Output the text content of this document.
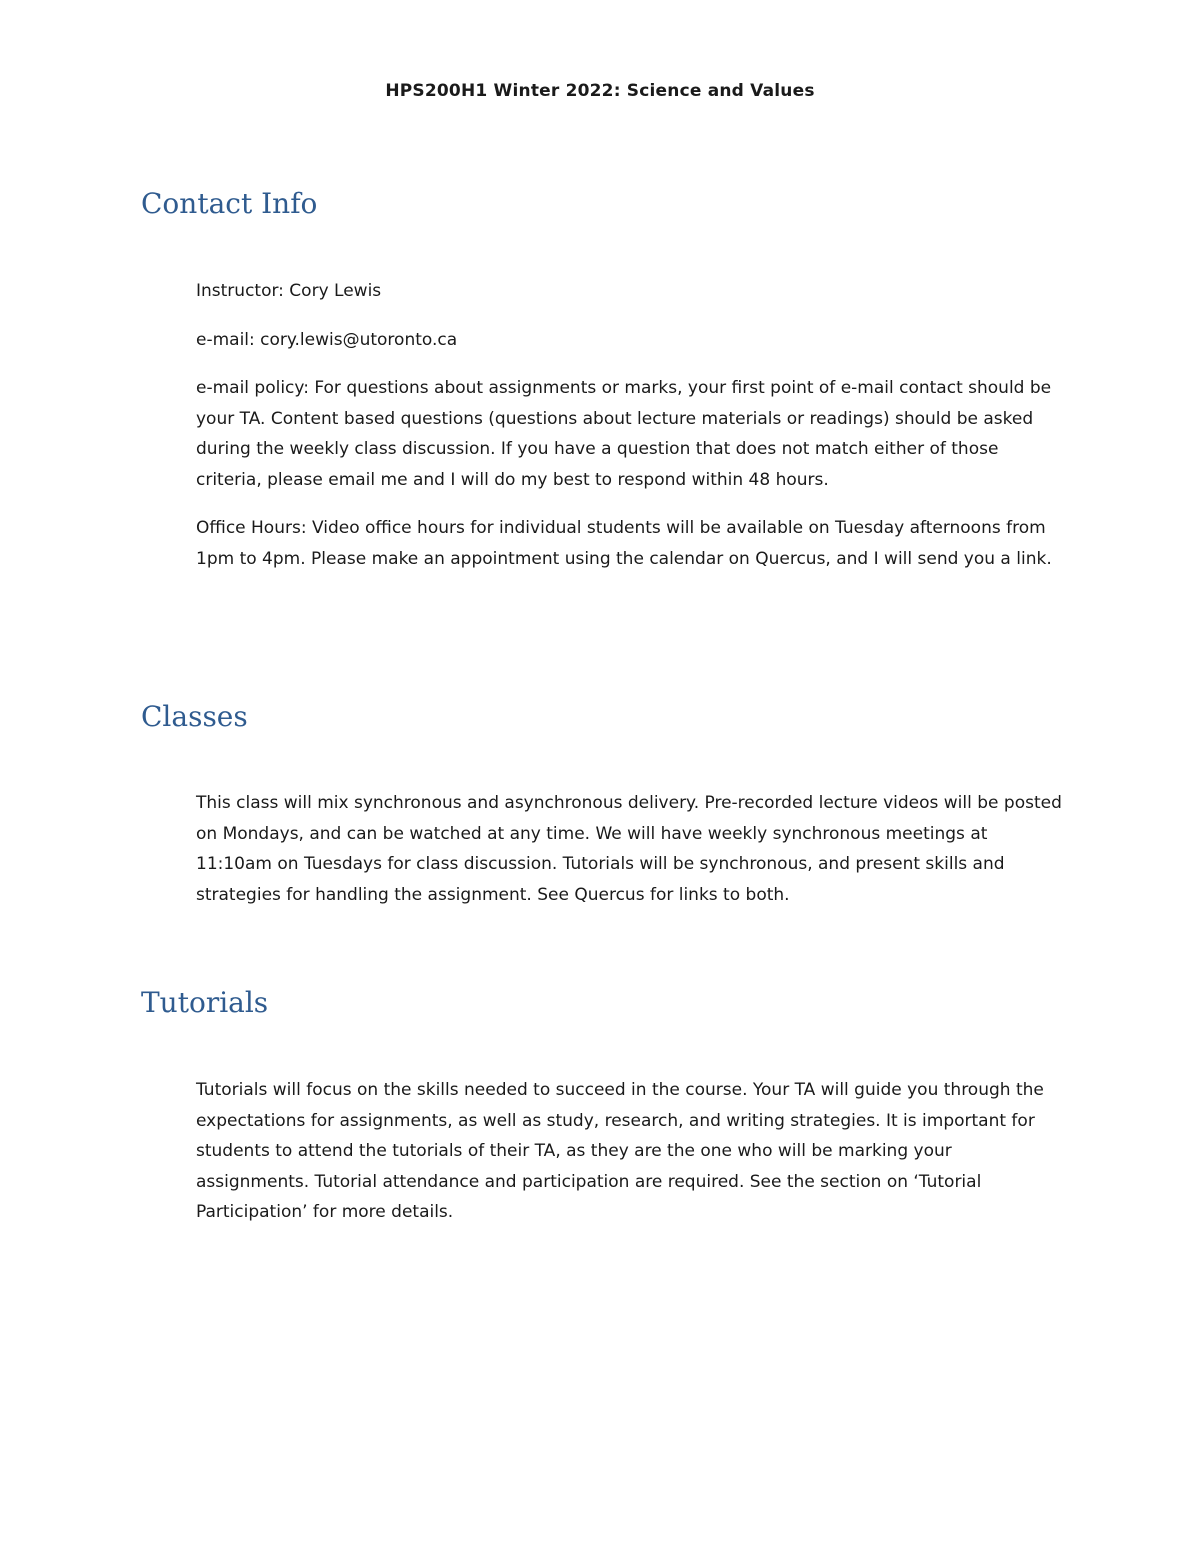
HPS200H1 Winter 2022: Science and Values
Contact Info

Instructor: Cory Lewis

e-mail: cory.lewis@utoronto.ca

e-mail policy: For questions about assignments or marks, your first point of e-mail contact should be your TA. Content based questions (questions about lecture materials or readings) should be asked during the weekly class discussion. If you have a question that does not match either of those criteria, please email me and I will do my best to respond within 48 hours.

Office Hours: Video office hours for individual students will be available on Tuesday afternoons from 1pm to 4pm. Please make an appointment using the calendar on Quercus, and I will send you a link.

Classes

This class will mix synchronous and asynchronous delivery. Pre-recorded lecture videos will be posted on Mondays, and can be watched at any time. We will have weekly synchronous meetings at 11:10am on Tuesdays for class discussion. Tutorials will be synchronous, and present skills and strategies for handling the assignment. See Quercus for links to both.

Tutorials

Tutorials will focus on the skills needed to succeed in the course. Your TA will guide you through the expectations for assignments, as well as study, research, and writing strategies. It is important for students to attend the tutorials of their TA, as they are the one who will be marking your assignments. Tutorial attendance and participation are required. See the section on ‘Tutorial Participation’ for more details.
